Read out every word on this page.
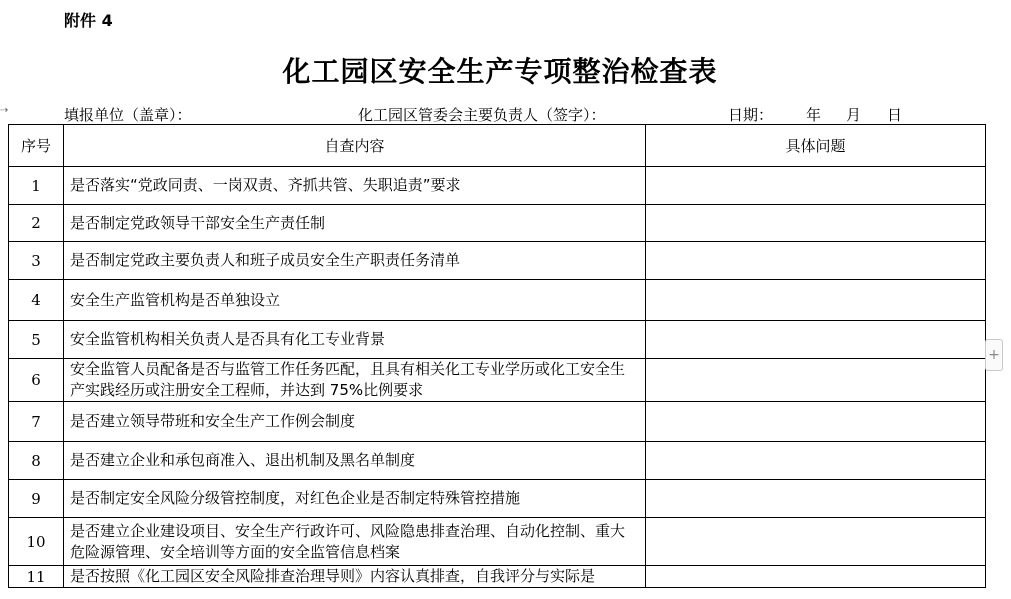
附件 4
化工园区安全生产专项整治检查表
⇢	填报单位（盖章）：	化工园区管委会主要负责人（签字）：	日期： 年 月 日
序号	自查内容	具体问题
1	是否落实“党政同责、一岗双责、齐抓共管、失职追责”要求	
2	是否制定党政领导干部安全生产责任制	
3	是否制定党政主要负责人和班子成员安全生产职责任务清单	
4	安全生产监管机构是否单独设立	
5	安全监管机构相关负责人是否具有化工专业背景	
6	安全监管人员配备是否与监管工作任务匹配，且具有相关化工专业学历或化工安全生产实践经历或注册安全工程师，并达到 75%比例要求	
7	是否建立领导带班和安全生产工作例会制度	
8	是否建立企业和承包商准入、退出机制及黑名单制度	
9	是否制定安全风险分级管控制度，对红色企业是否制定特殊管控措施	
10	是否建立企业建设项目、安全生产行政许可、风险隐患排查治理、自动化控制、重大危险源管理、安全培训等方面的安全监管信息档案	
11	是否按照《化工园区安全风险排查治理导则》内容认真排查，自我评分与实际是	
+
